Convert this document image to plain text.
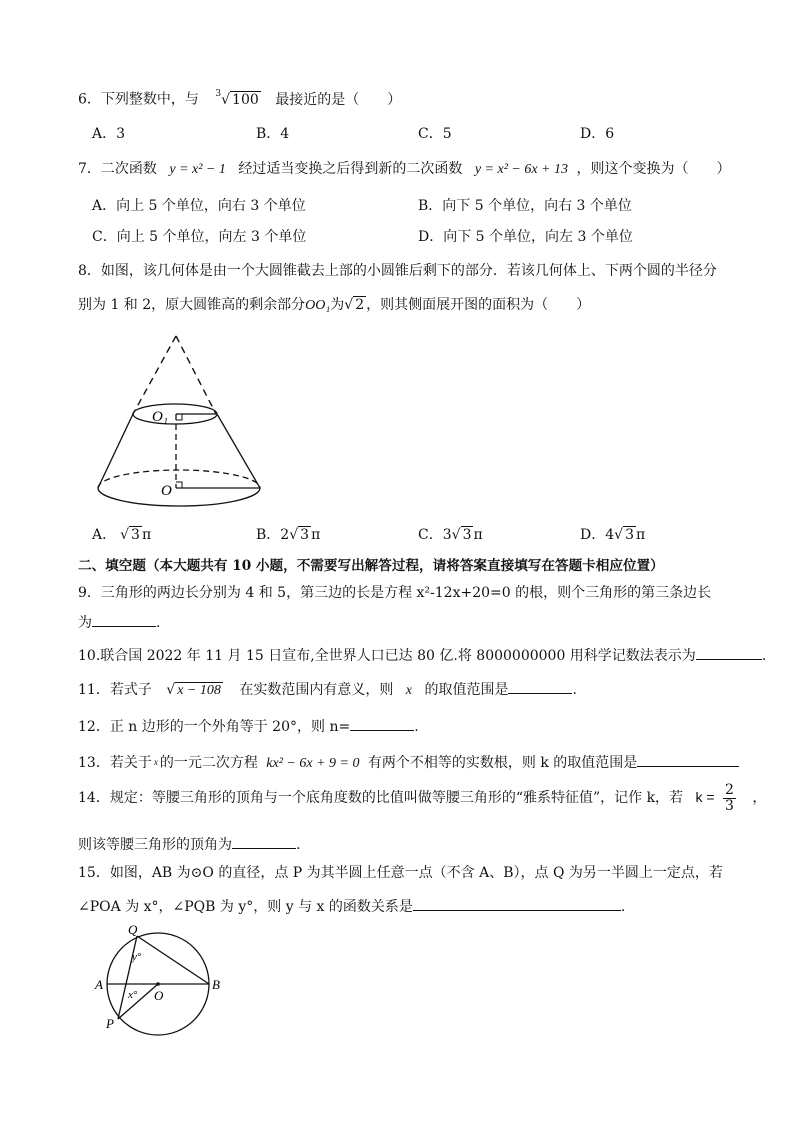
6．下列整数中，与 $^3$√ 100 最接近的是（　　）
A．3	B．4	C．5	D．6
7．二次函数 y = x² − 1 经过适当变换之后得到新的二次函数 y = x² − 6x + 13 ，则这个变换为（　　）
A．向上 5 个单位，向右 3 个单位	B．向下 5 个单位，向右 3 个单位
C．向上 5 个单位，向左 3 个单位	D．向下 5 个单位，向左 3 个单位
8．如图，该几何体是由一个大圆锥截去上部的小圆锥后剩下的部分．若该几何体上、下两个圆的半径分
别为 1 和 2，原大圆锥高的剩余部分OO₁为√ 2 ，则其侧面展开图的面积为（　　）
O₁
O
A． √ 3 π	B．2√ 3 π	C．3√ 3 π	D．4√ 3 π
二、填空题（本大题共有 10 小题，不需要写出解答过程，请将答案直接填写在答题卡相应位置）
9．三角形的两边长分别为 4 和 5，第三边的长是方程 x²-12x+20=0 的根，则个三角形的第三条边长
为	.
10.联合国 2022 年 11 月 15 日宣布,全世界人口已达 80 亿.将 8000000000 用科学记数法表示为	.
11．若式子 √ x − 108 在实数范围内有意义，则 x 的取值范围是	.
12．正 n 边形的一个外角等于 20°，则 n=	.
13．若关于 $^x$ 的一元二次方程 kx² − 6x + 9 = 0 有两个不相等的实数根，则 k 的取值范围是
14．规定：等腰三角形的顶角与一个底角度数的比值叫做等腰三角形的“雅系特征值”，记作 k，若 $k = \frac{2}{3}$ ，
则该等腰三角形的顶角为	.
15．如图，AB 为⊙O 的直径，点 P 为其半圆上任意一点（不含 A、B），点 Q 为另一半圆上一定点，若
∠POA 为 x°，∠PQB 为 y°，则 y 与 x 的函数关系是	.
Q
A	B
O
P
y°
x°
